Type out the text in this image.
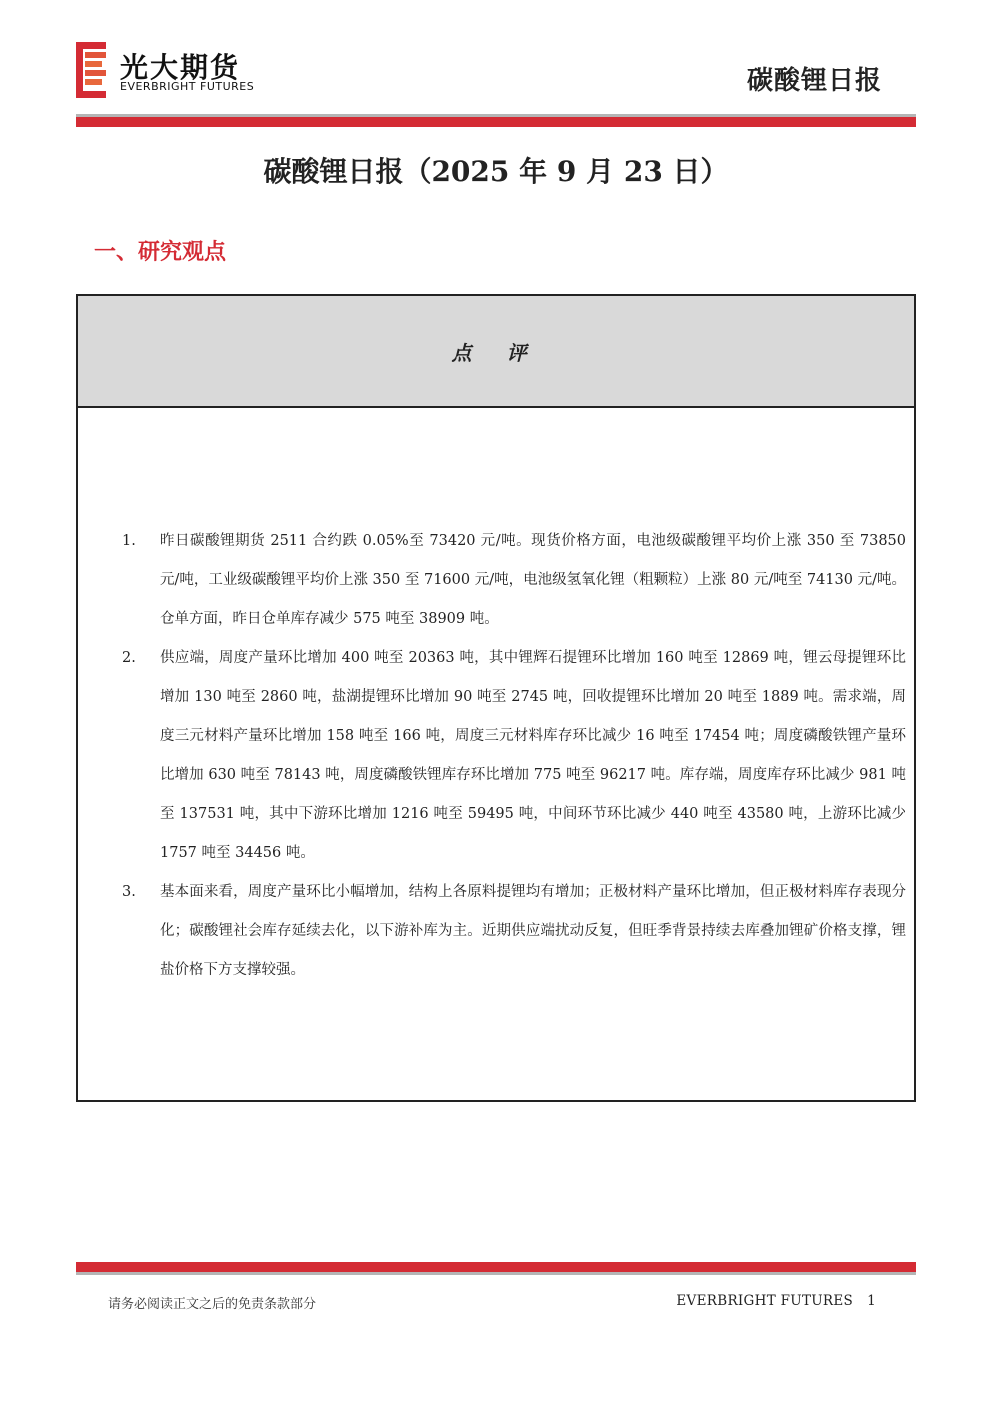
光大期货
EVERBRIGHT FUTURES	碳酸锂日报
碳酸锂日报（2025 年 9 月 23 日）
一、研究观点
点 评
1. 昨日碳酸锂期货 2511 合约跌 0.05%至 73420 元/吨。现货价格方面，电池级碳酸锂平均价上涨 350 至 73850 元/吨，工业级碳酸锂平均价上涨 350 至 71600 元/吨，电池级氢氧化锂（粗颗粒）上涨 80 元/吨至 74130 元/吨。仓单方面，昨日仓单库存减少 575 吨至 38909 吨。
2. 供应端，周度产量环比增加 400 吨至 20363 吨，其中锂辉石提锂环比增加 160 吨至 12869 吨，锂云母提锂环比增加 130 吨至 2860 吨，盐湖提锂环比增加 90 吨至 2745 吨，回收提锂环比增加 20 吨至 1889 吨。需求端，周度三元材料产量环比增加 158 吨至 166 吨，周度三元材料库存环比减少 16 吨至 17454 吨；周度磷酸铁锂产量环比增加 630 吨至 78143 吨，周度磷酸铁锂库存环比增加 775 吨至 96217 吨。库存端，周度库存环比减少 981 吨至 137531 吨，其中下游环比增加 1216 吨至 59495 吨，中间环节环比减少 440 吨至 43580 吨，上游环比减少 1757 吨至 34456 吨。
3. 基本面来看，周度产量环比小幅增加，结构上各原料提锂均有增加；正极材料产量环比增加，但正极材料库存表现分化；碳酸锂社会库存延续去化，以下游补库为主。近期供应端扰动反复，但旺季背景持续去库叠加锂矿价格支撑，锂盐价格下方支撑较强。
请务必阅读正文之后的免责条款部分	EVERBRIGHT FUTURES 1
